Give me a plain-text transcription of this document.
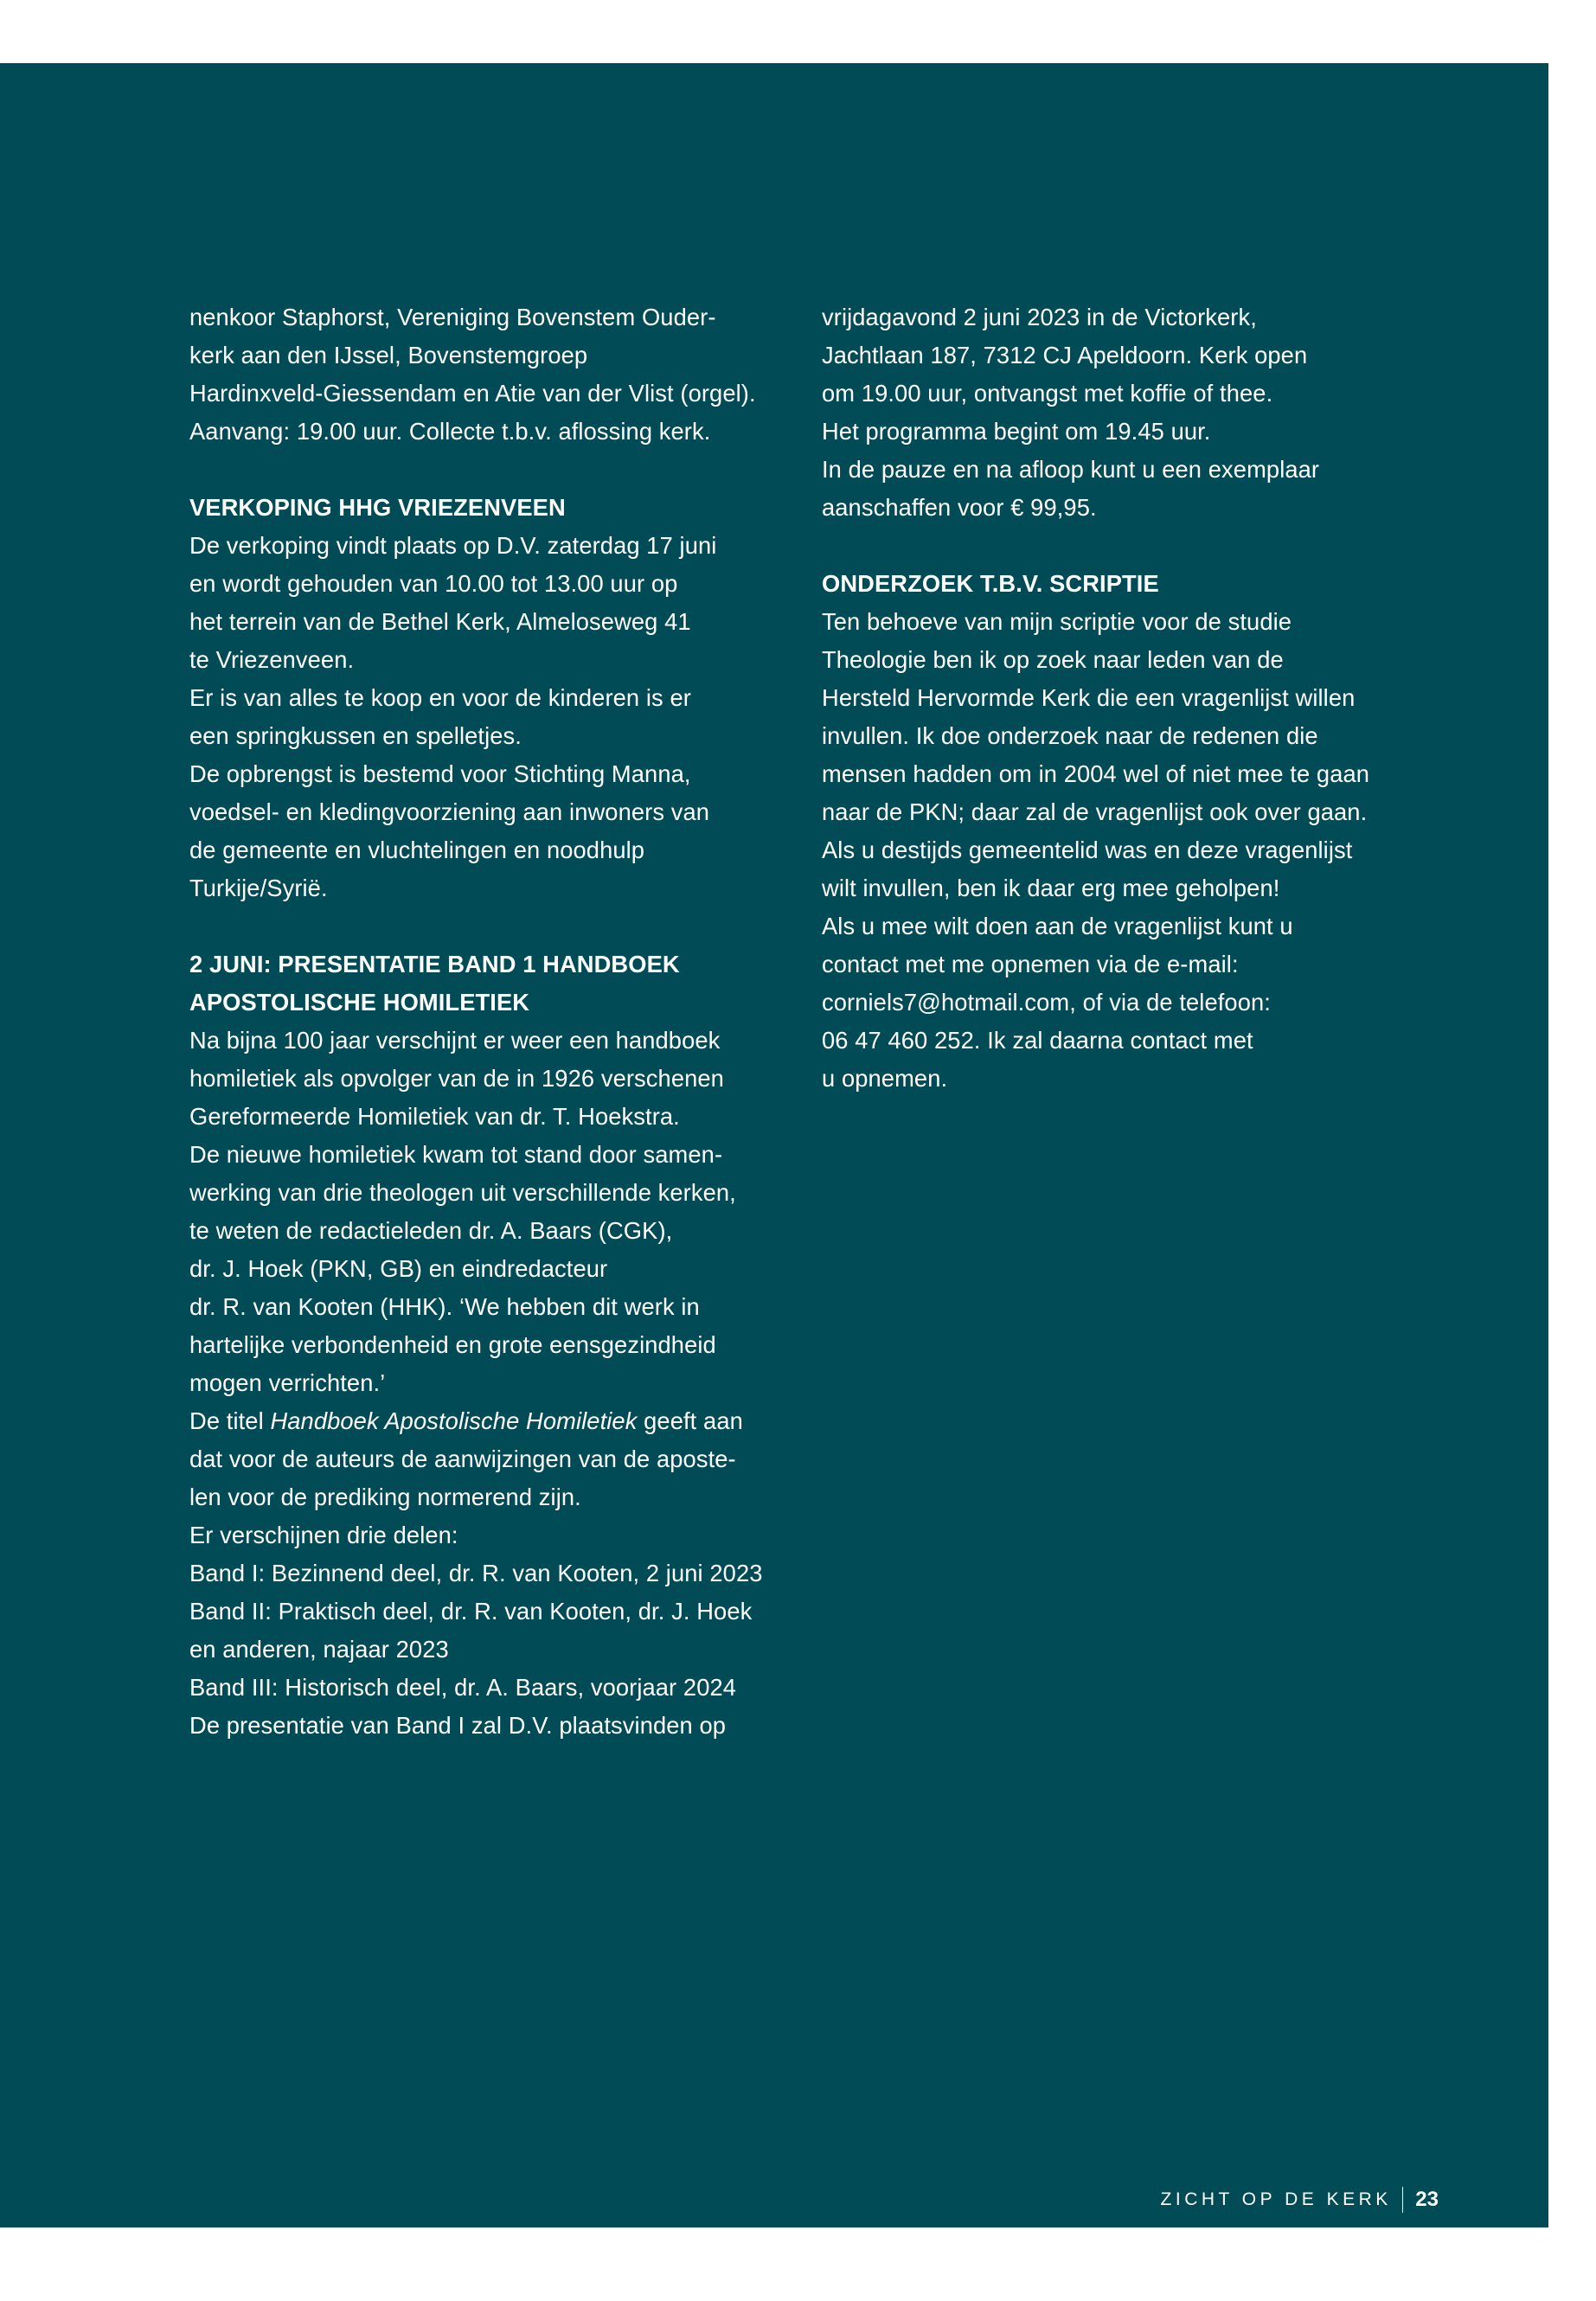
nenkoor Staphorst, Vereniging Bovenstem Ouder-
kerk aan den IJssel, Bovenstemgroep
Hardinxveld-Giessendam en Atie van der Vlist (orgel).
Aanvang: 19.00 uur. Collecte t.b.v. aflossing kerk.
VERKOPING HHG VRIEZENVEEN
De verkoping vindt plaats op D.V. zaterdag 17 juni
en wordt gehouden van 10.00 tot 13.00 uur op
het terrein van de Bethel Kerk, Almeloseweg 41
te Vriezenveen.
Er is van alles te koop en voor de kinderen is er
een springkussen en spelletjes.
De opbrengst is bestemd voor Stichting Manna,
voedsel- en kledingvoorziening aan inwoners van
de gemeente en vluchtelingen en noodhulp
Turkije/Syrië.
2 JUNI: PRESENTATIE BAND 1 HANDBOEK
APOSTOLISCHE HOMILETIEK
Na bijna 100 jaar verschijnt er weer een handboek
homiletiek als opvolger van de in 1926 verschenen
Gereformeerde Homiletiek van dr. T. Hoekstra.
De nieuwe homiletiek kwam tot stand door samen-
werking van drie theologen uit verschillende kerken,
te weten de redactieleden dr. A. Baars (CGK),
dr. J. Hoek (PKN, GB) en eindredacteur
dr. R. van Kooten (HHK). ‘We hebben dit werk in
hartelijke verbondenheid en grote eensgezindheid
mogen verrichten.’
De titel Handboek Apostolische Homiletiek geeft aan
dat voor de auteurs de aanwijzingen van de aposte-
len voor de prediking normerend zijn.
Er verschijnen drie delen:
Band I: Bezinnend deel, dr. R. van Kooten, 2 juni 2023
Band II: Praktisch deel, dr. R. van Kooten, dr. J. Hoek
en anderen, najaar 2023
Band III: Historisch deel, dr. A. Baars, voorjaar 2024
De presentatie van Band I zal D.V. plaatsvinden op
vrijdagavond 2 juni 2023 in de Victorkerk,
Jachtlaan 187, 7312 CJ Apeldoorn. Kerk open
om 19.00 uur, ontvangst met koffie of thee.
Het programma begint om 19.45 uur.
In de pauze en na afloop kunt u een exemplaar
aanschaffen voor € 99,95.
ONDERZOEK T.B.V. SCRIPTIE
Ten behoeve van mijn scriptie voor de studie
Theologie ben ik op zoek naar leden van de
Hersteld Hervormde Kerk die een vragenlijst willen
invullen. Ik doe onderzoek naar de redenen die
mensen hadden om in 2004 wel of niet mee te gaan
naar de PKN; daar zal de vragenlijst ook over gaan.
Als u destijds gemeentelid was en deze vragenlijst
wilt invullen, ben ik daar erg mee geholpen!
Als u mee wilt doen aan de vragenlijst kunt u
contact met me opnemen via de e-mail:
corniels7@hotmail.com, of via de telefoon:
06 47 460 252. Ik zal daarna contact met
u opnemen.
ZICHT OP DE KERK 23
